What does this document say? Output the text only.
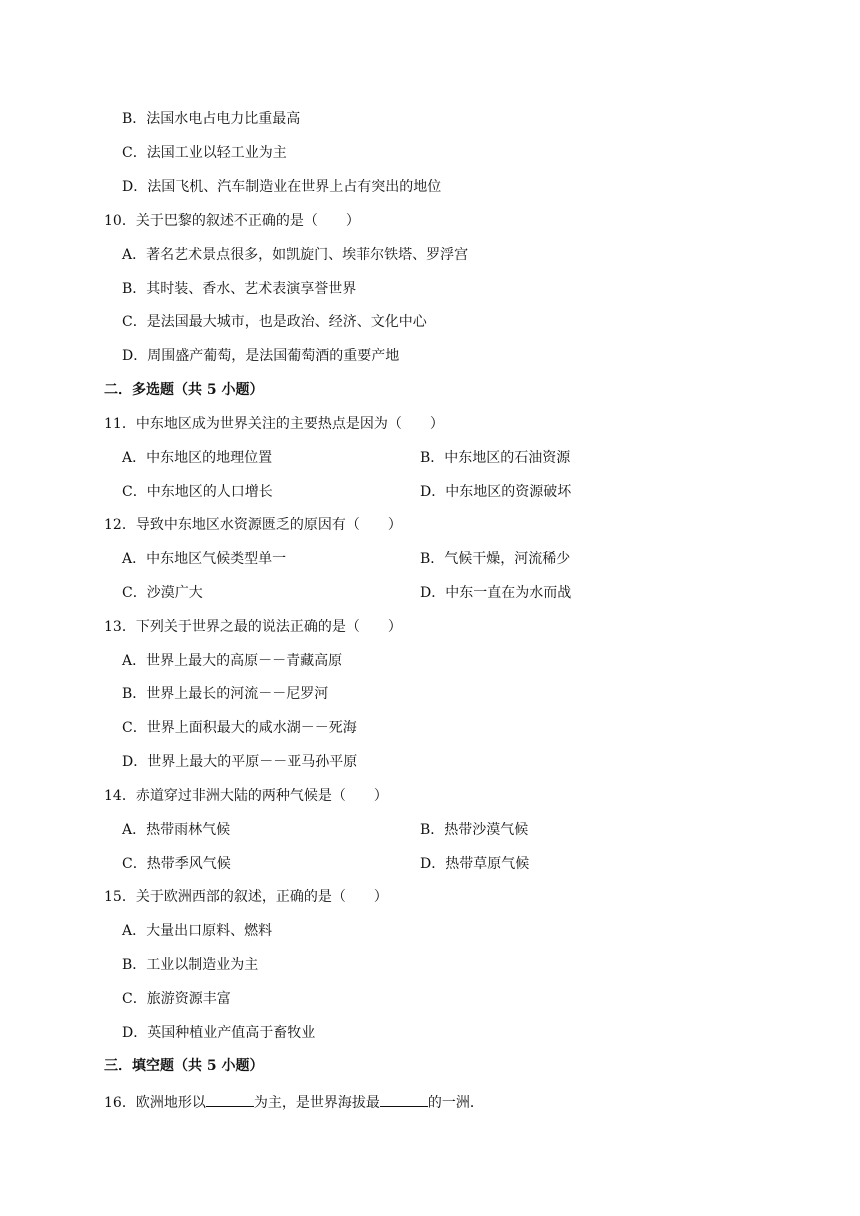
B．法国水电占电力比重最高
C．法国工业以轻工业为主
D．法国飞机、汽车制造业在世界上占有突出的地位
10．关于巴黎的叙述不正确的是（　　）
A．著名艺术景点很多，如凯旋门、埃菲尔铁塔、罗浮宫
B．其时装、香水、艺术表演享誉世界
C．是法国最大城市，也是政治、经济、文化中心
D．周围盛产葡萄，是法国葡萄酒的重要产地
二．多选题（共 5 小题）
11．中东地区成为世界关注的主要热点是因为（　　）
A．中东地区的地理位置	B．中东地区的石油资源
C．中东地区的人口增长	D．中东地区的资源破坏
12．导致中东地区水资源匮乏的原因有（　　）
A．中东地区气候类型单一	B．气候干燥，河流稀少
C．沙漠广大	D．中东一直在为水而战
13．下列关于世界之最的说法正确的是（　　）
A．世界上最大的高原－－青藏高原
B．世界上最长的河流－－尼罗河
C．世界上面积最大的咸水湖－－死海
D．世界上最大的平原－－亚马孙平原
14．赤道穿过非洲大陆的两种气候是（　　）
A．热带雨林气候	B．热带沙漠气候
C．热带季风气候	D．热带草原气候
15．关于欧洲西部的叙述，正确的是（　　）
A．大量出口原料、燃料
B．工业以制造业为主
C．旅游资源丰富
D．英国种植业产值高于畜牧业
三．填空题（共 5 小题）
16．欧洲地形以	为主，是世界海拔最	的一洲．
